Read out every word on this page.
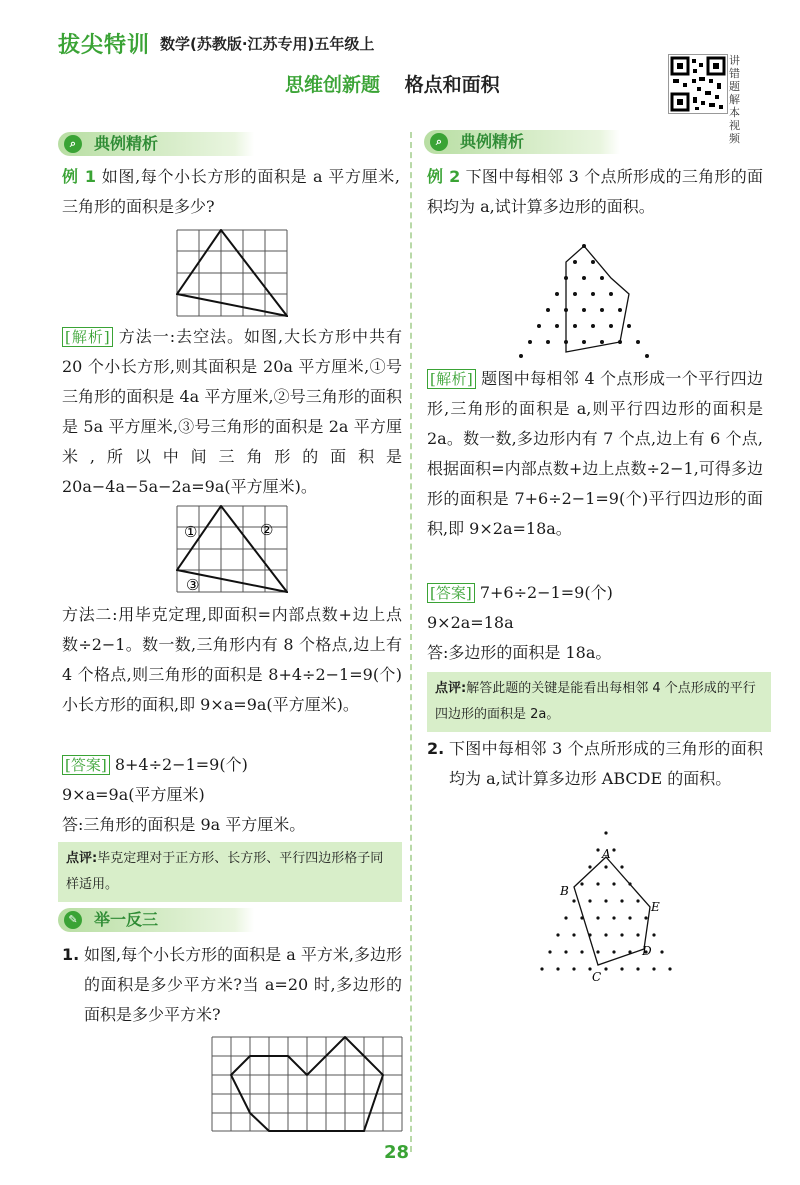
拔尖特训 数学(苏教版·江苏专用)五年级上
思维创新题 格点和面积
讲错题解本视频
⌕	典例精析
例 1 如图,每个小长方形的面积是 a 平方厘米,三角形的面积是多少?
[解析] 方法一:去空法。如图,大长方形中共有 20 个小长方形,则其面积是 20a 平方厘米,①号三角形的面积是 4a 平方厘米,②号三角形的面积是 5a 平方厘米,③号三角形的面积是 2a 平方厘米,所以中间三角形的面积是 20a−4a−5a−2a=9a(平方厘米)。
①	②
③
方法二:用毕克定理,即面积=内部点数+边上点数÷2−1。数一数,三角形内有 8 个格点,边上有 4 个格点,则三角形的面积是 8+4÷2−1=9(个)小长方形的面积,即 9×a=9a(平方厘米)。
[答案] 8+4÷2−1=9(个)
9×a=9a(平方厘米)
答:三角形的面积是 9a 平方厘米。
点评:毕克定理对于正方形、长方形、平行四边形格子同样适用。
✎ 举一反三
1. 如图,每个小长方形的面积是 a 平方米,多边形的面积是多少平方米?当 a=20 时,多边形的面积是多少平方米?
⌕	典例精析
例 2 下图中每相邻 3 个点所形成的三角形的面积均为 a,试计算多边形的面积。
[解析] 题图中每相邻 4 个点形成一个平行四边形,三角形的面积是 a,则平行四边形的面积是 2a。数一数,多边形内有 7 个点,边上有 6 个点,根据面积=内部点数+边上点数÷2−1,可得多边形的面积是 7+6÷2−1=9(个)平行四边形的面积,即 9×2a=18a。
[答案] 7+6÷2−1=9(个)
9×2a=18a
答:多边形的面积是 18a。
点评:解答此题的关键是能看出每相邻 4 个点形成的平行四边形的面积是 2a。
2. 下图中每相邻 3 个点所形成的三角形的面积均为 a,试计算多边形 ABCDE 的面积。
A
B
C
D
E
28
